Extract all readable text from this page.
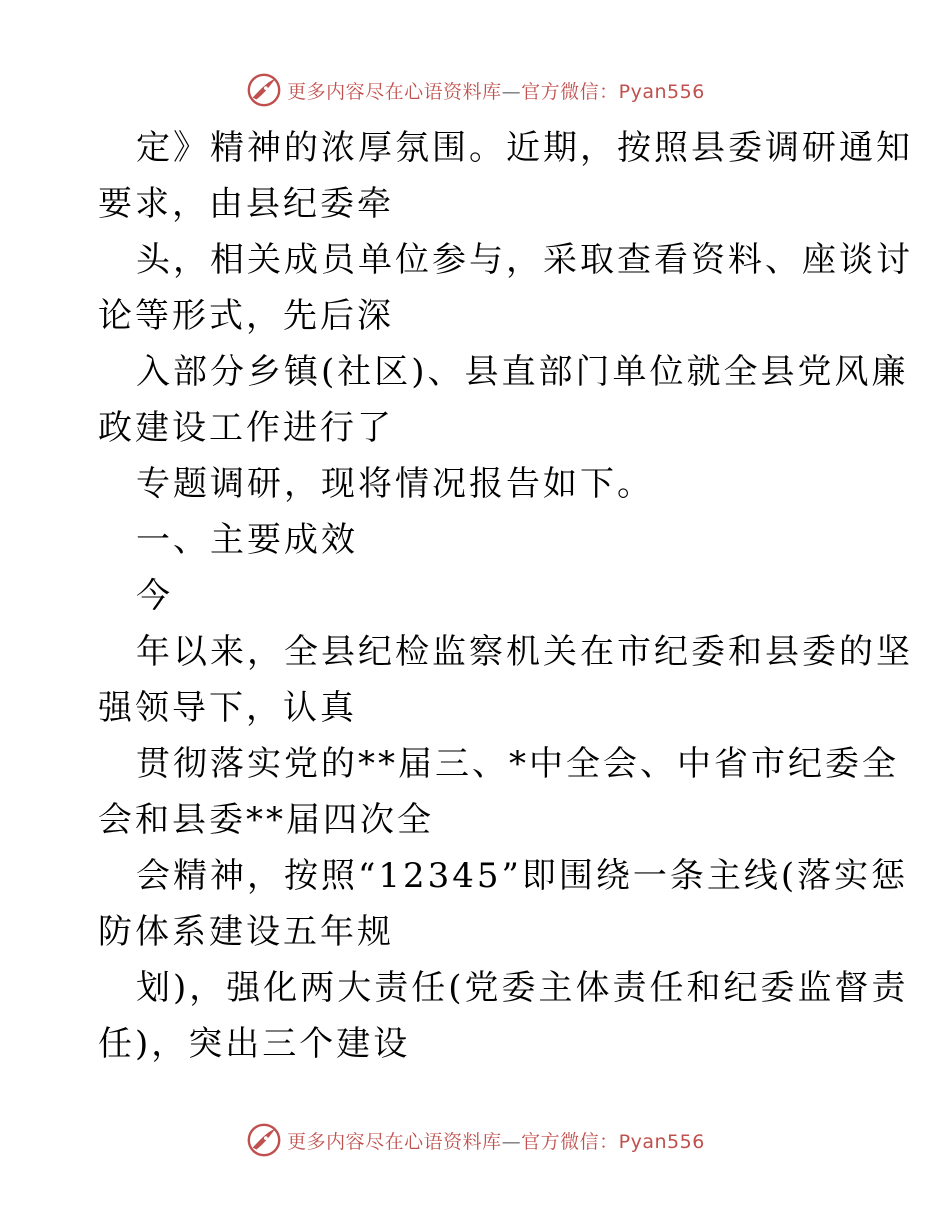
更多内容尽在心语资料库—官方微信：Pyan556
定》精神的浓厚氛围。近期，按照县委调研通知
要求，由县纪委牵
头，相关成员单位参与，采取查看资料、座谈讨
论等形式，先后深
入部分乡镇(社区)、县直部门单位就全县党风廉
政建设工作进行了
专题调研，现将情况报告如下。
一、主要成效
今
年以来，全县纪检监察机关在市纪委和县委的坚
强领导下，认真
贯彻落实党的**届三、*中全会、中省市纪委全
会和县委**届四次全
会精神，按照“12345”即围绕一条主线(落实惩
防体系建设五年规
划)，强化两大责任(党委主体责任和纪委监督责
任)，突出三个建设
更多内容尽在心语资料库—官方微信：Pyan556
